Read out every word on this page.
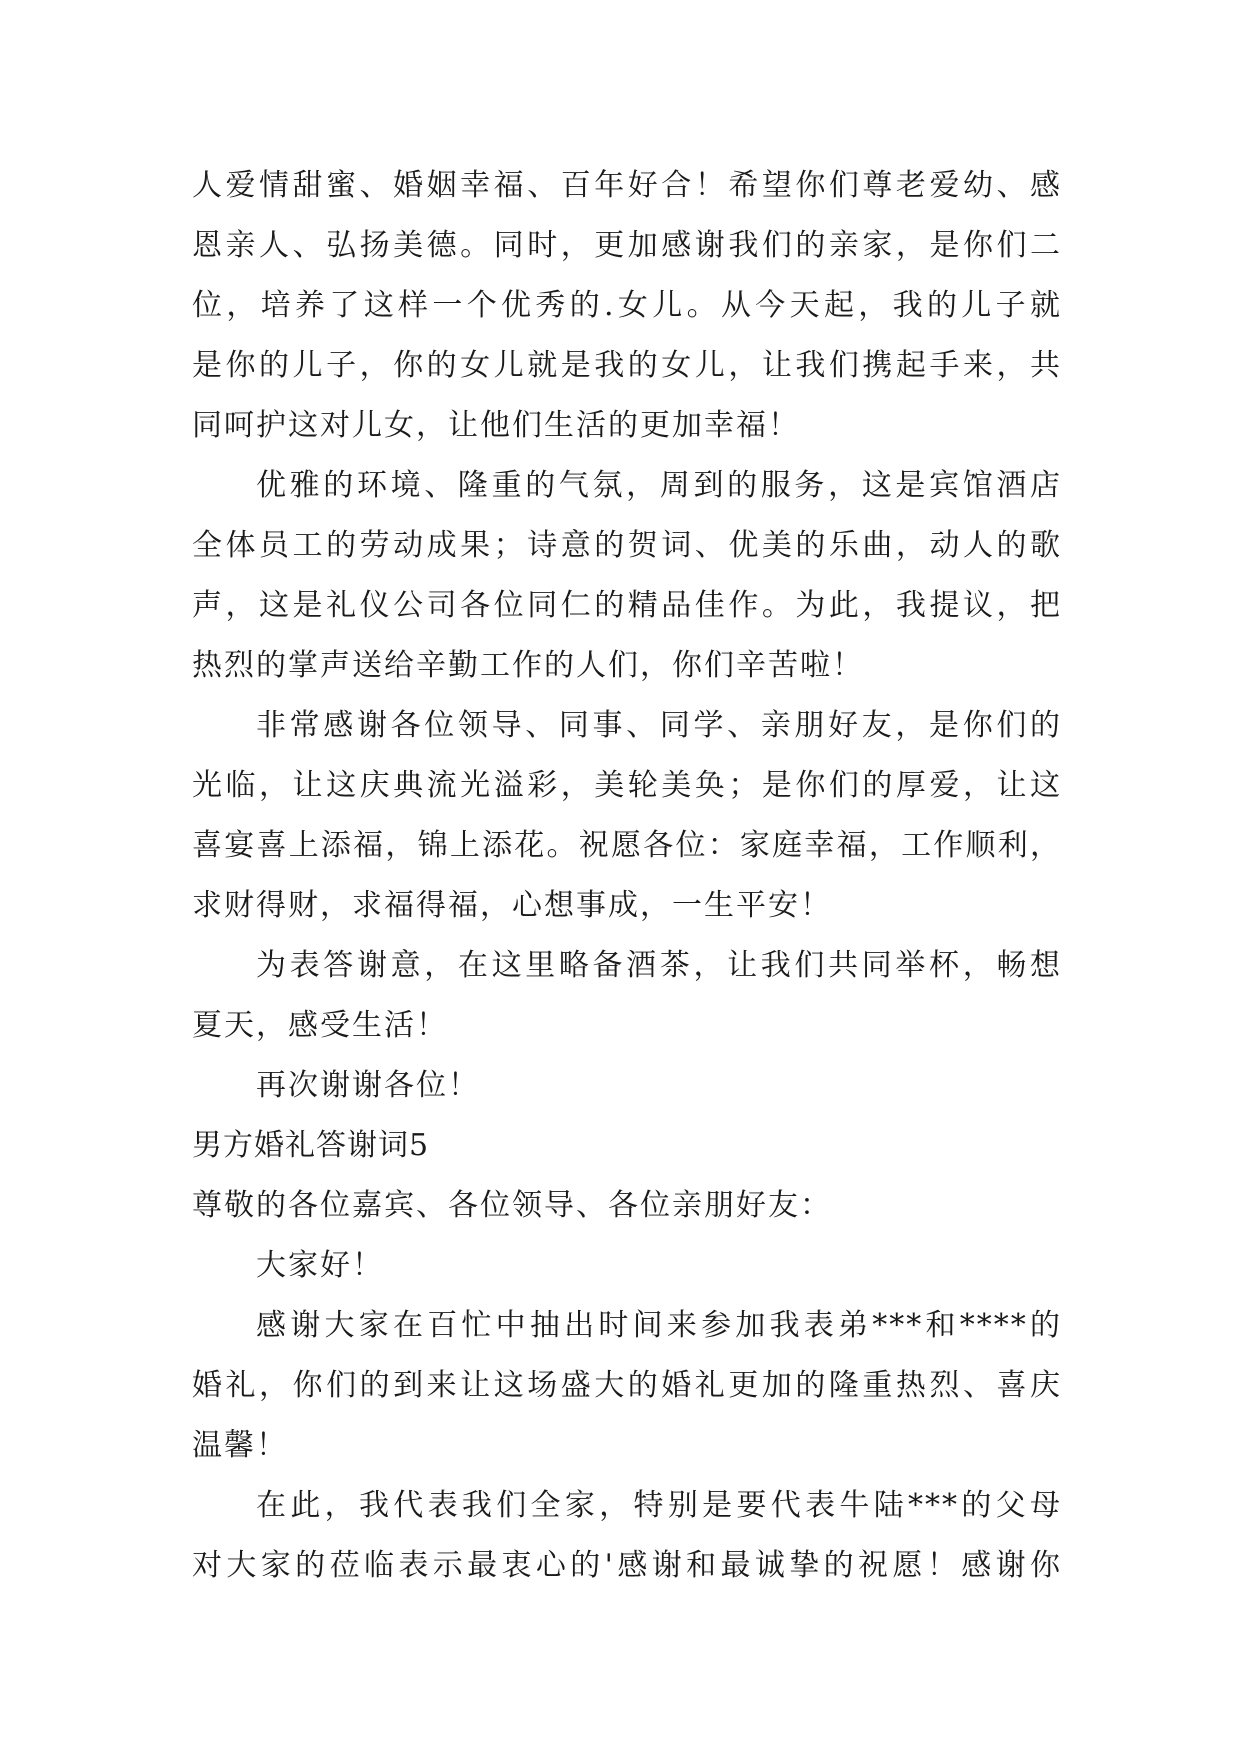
人爱情甜蜜、婚姻幸福、百年好合！希望你们尊老爱幼、感
恩亲人、弘扬美德。同时，更加感谢我们的亲家，是你们二
位，培养了这样一个优秀的.女儿。从今天起，我的儿子就
是你的儿子，你的女儿就是我的女儿，让我们携起手来，共
同呵护这对儿女，让他们生活的更加幸福！
优雅的环境、隆重的气氛，周到的服务，这是宾馆酒店
全体员工的劳动成果；诗意的贺词、优美的乐曲，动人的歌
声，这是礼仪公司各位同仁的精品佳作。为此，我提议，把
热烈的掌声送给辛勤工作的人们，你们辛苦啦！
非常感谢各位领导、同事、同学、亲朋好友，是你们的
光临，让这庆典流光溢彩，美轮美奂；是你们的厚爱，让这
喜宴喜上添福，锦上添花。祝愿各位：家庭幸福，工作顺利，
求财得财，求福得福，心想事成，一生平安！
为表答谢意，在这里略备酒茶，让我们共同举杯，畅想
夏天，感受生活！
再次谢谢各位！
男方婚礼答谢词5
尊敬的各位嘉宾、各位领导、各位亲朋好友：
大家好！
感谢大家在百忙中抽出时间来参加我表弟***和****的
婚礼，你们的到来让这场盛大的婚礼更加的隆重热烈、喜庆
温馨！
在此，我代表我们全家，特别是要代表牛陆***的父母
对大家的莅临表示最衷心的'感谢和最诚挚的祝愿！感谢你
